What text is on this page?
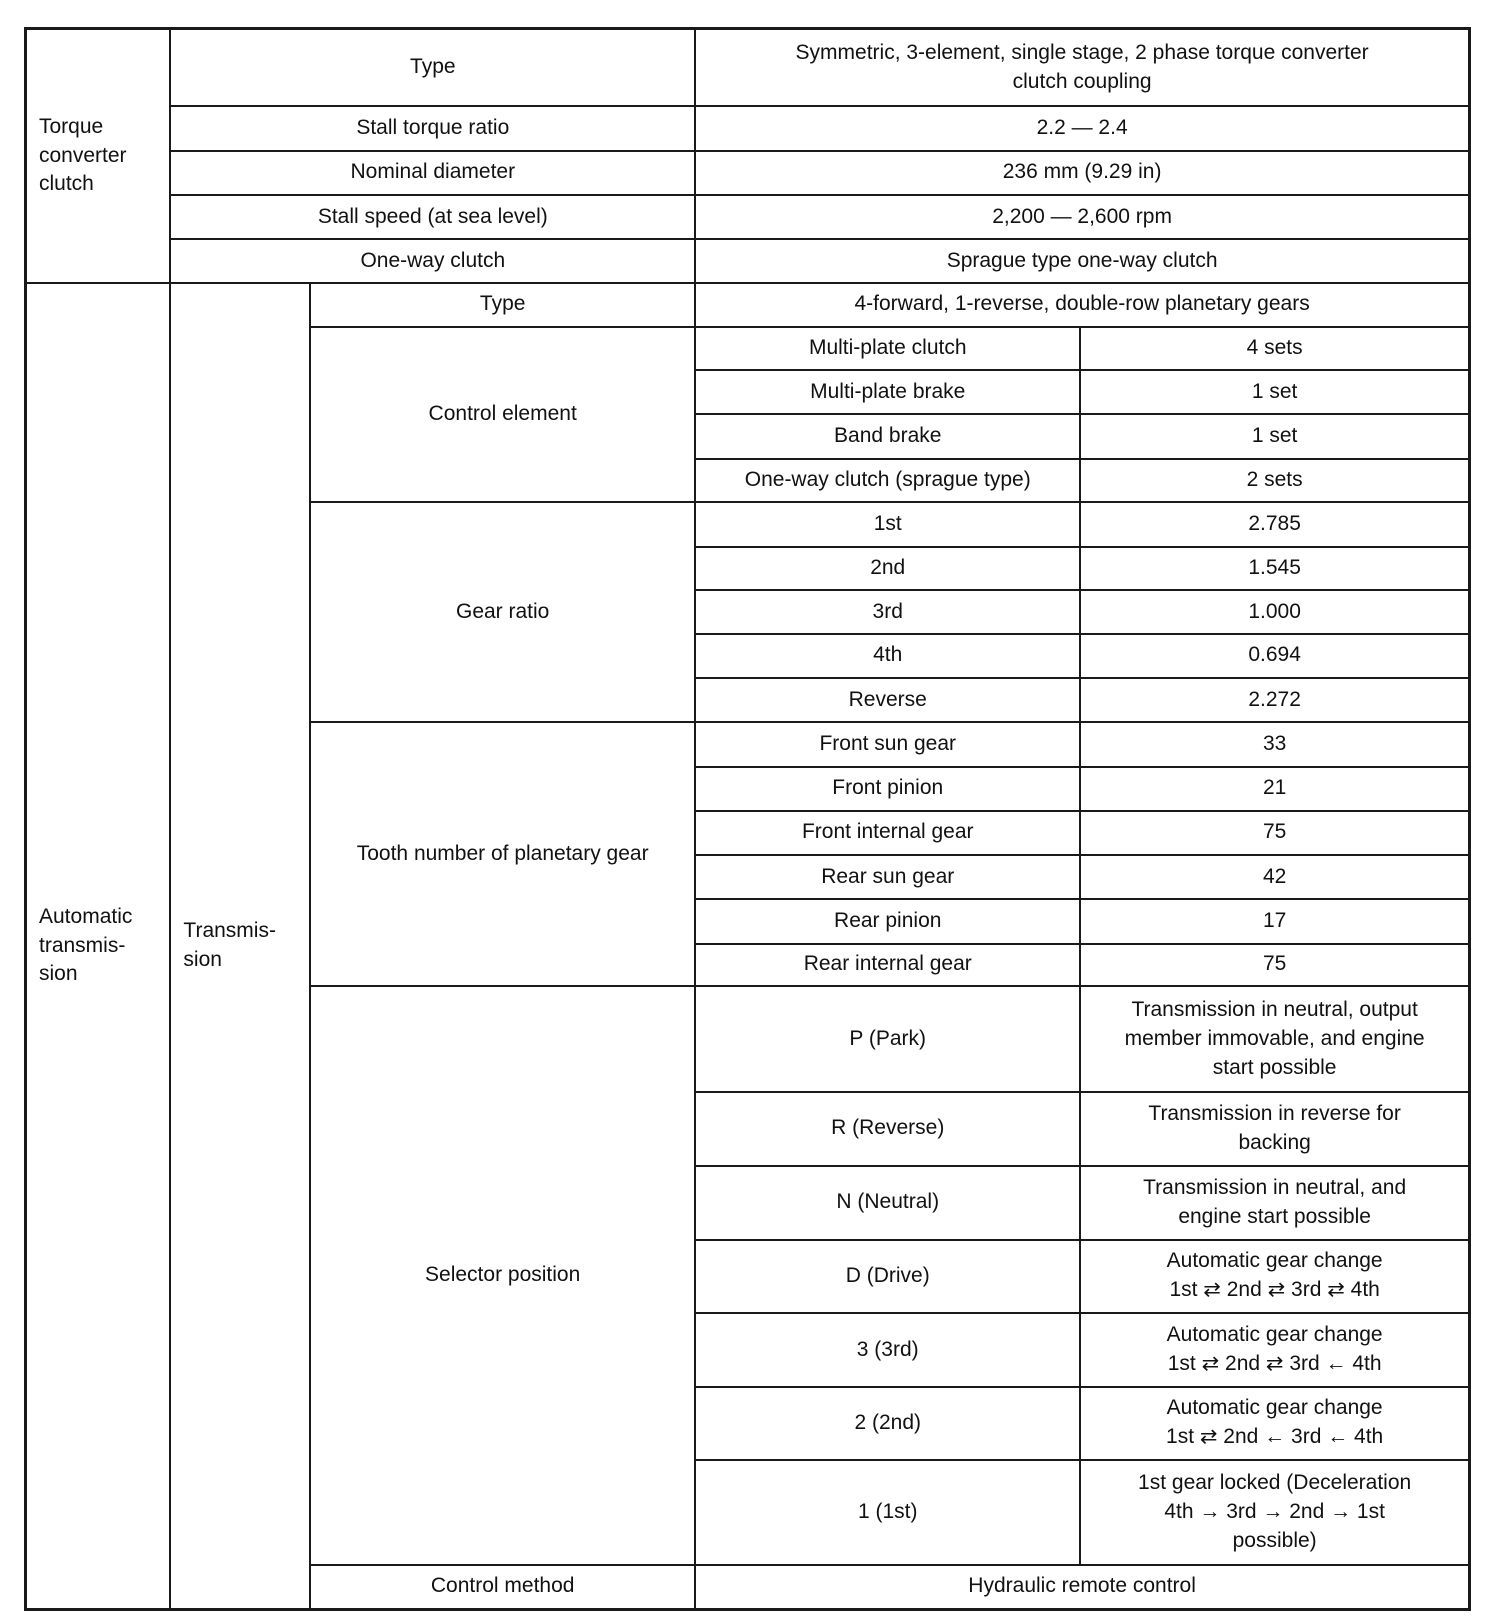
Torque
converter
clutch	Type		Symmetric, 3-element, single stage, 2 phase torque converter
clutch coupling	
	Stall torque ratio		2.2 — 2.4	
	Nominal diameter		236 mm (9.29 in)	
	Stall speed (at sea level)		2,200 — 2,600 rpm	
	One-way clutch		Sprague type one-way clutch	
Automatic
transmis-
sion	Transmis-
sion	Type	4-forward, 1-reverse, double-row planetary gears	
		Control element	Multi-plate clutch	4 sets
			Multi-plate brake	1 set
			Band brake	1 set
			One-way clutch (sprague type)	2 sets
		Gear ratio	1st	2.785
			2nd	1.545
			3rd	1.000
			4th	0.694
			Reverse	2.272
		Tooth number of planetary gear	Front sun gear	33
			Front pinion	21
			Front internal gear	75
			Rear sun gear	42
			Rear pinion	17
			Rear internal gear	75
		Selector position	P (Park)	Transmission in neutral, output
member immovable, and engine
start possible
			R (Reverse)	Transmission in reverse for
backing
			N (Neutral)	Transmission in neutral, and
engine start possible
			D (Drive)	Automatic gear change
1st ⇄ 2nd ⇄ 3rd ⇄ 4th
			3 (3rd)	Automatic gear change
1st ⇄ 2nd ⇄ 3rd ← 4th
			2 (2nd)	Automatic gear change
1st ⇄ 2nd ← 3rd ← 4th
			1 (1st)	1st gear locked (Deceleration
4th → 3rd → 2nd → 1st
possible)
		Control method	Hydraulic remote control	
